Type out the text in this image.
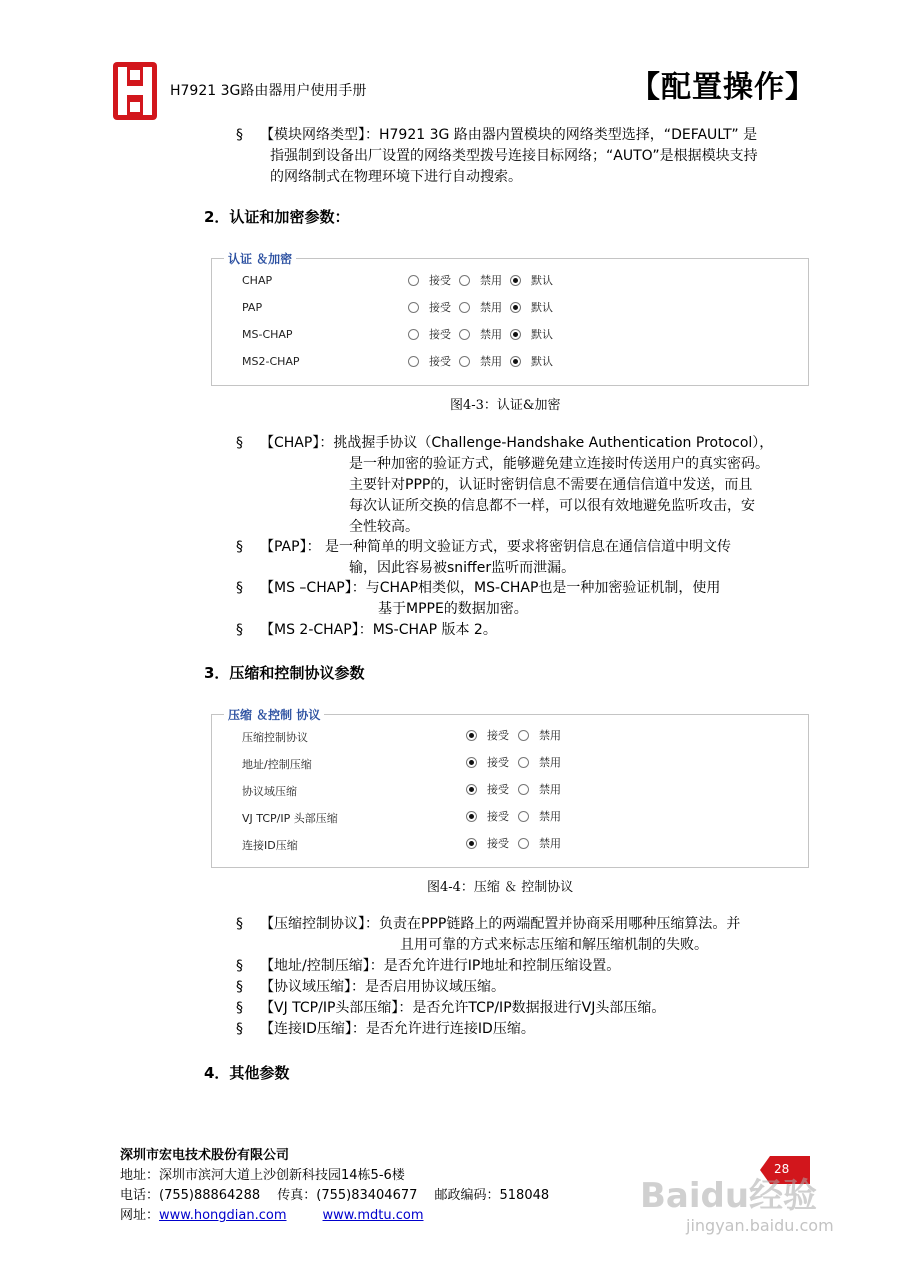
H7921 3G路由器用户使用手册	【配置操作】
§ 【模块网络类型】：H7921 3G 路由器内置模块的网络类型选择，“DEFAULT” 是
指强制到设备出厂设置的网络类型拨号连接目标网络；“AUTO”是根据模块支持
的网络制式在物理环境下进行自动搜索。
2．认证和加密参数：
认证 ＆加密
CHAP	接受	禁用	默认
PAP	接受	禁用	默认
MS-CHAP	接受	禁用	默认
MS2-CHAP	接受	禁用	默认
图4-3：认证&加密
§ 【CHAP】：挑战握手协议（Challenge-Handshake Authentication Protocol），
是一种加密的验证方式，能够避免建立连接时传送用户的真实密码。
主要针对PPP的，认证时密钥信息不需要在通信信道中发送，而且
每次认证所交换的信息都不一样，可以很有效地避免监听攻击，安
全性较高。
§ 【PAP】： 是一种简单的明文验证方式，要求将密钥信息在通信信道中明文传
输，因此容易被sniffer监听而泄漏。
§ 【MS –CHAP】：与CHAP相类似，MS-CHAP也是一种加密验证机制，使用
基于MPPE的数据加密。
§ 【MS 2-CHAP】：MS-CHAP 版本 2。
3．压缩和控制协议参数
压缩 ＆控制 协议
压缩控制协议	接受	禁用
地址/控制压缩	接受	禁用
协议域压缩	接受	禁用
VJ TCP/IP 头部压缩	接受	禁用
连接ID压缩	接受	禁用
图4-4：压缩 ＆ 控制协议
§ 【压缩控制协议】：负责在PPP链路上的两端配置并协商采用哪种压缩算法。并
且用可靠的方式来标志压缩和解压缩机制的失败。
§ 【地址/控制压缩】：是否允许进行IP地址和控制压缩设置。
§ 【协议域压缩】：是否启用协议域压缩。
§ 【VJ TCP/IP头部压缩】：是否允许TCP/IP数据报进行VJ头部压缩。
§ 【连接ID压缩】：是否允许进行连接ID压缩。
4．其他参数
深圳市宏电技术股份有限公司
地址：深圳市滨河大道上沙创新科技园14栋5-6楼
电话：(755)88864288　 传真：(755)83404677　 邮政编码：518048
网址：www.hongdian.com	www.mdtu.com
28
Baidu经验
jingyan.baidu.com
